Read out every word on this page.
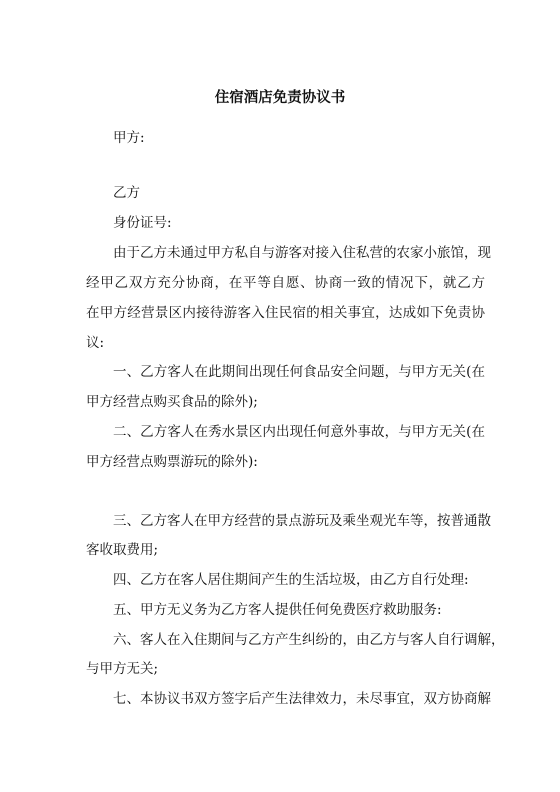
住宿酒店免责协议书
甲方:
乙方
身份证号:
由于乙方未通过甲方私自与游客对接入住私营的农家小旅馆，现
经甲乙双方充分协商，在平等自愿、协商一致的情况下，就乙方
在甲方经营景区内接待游客入住民宿的相关事宜，达成如下免责协
议:
一、乙方客人在此期间出现任何食品安全问题，与甲方无关(在
甲方经营点购买食品的除外);
二、乙方客人在秀水景区内出现任何意外事故，与甲方无关(在
甲方经营点购票游玩的除外):
三、乙方客人在甲方经营的景点游玩及乘坐观光车等，按普通散
客收取费用;
四、乙方在客人居住期间产生的生活垃圾，由乙方自行处理:
五、甲方无义务为乙方客人提供任何免费医疗救助服务:
六、客人在入住期间与乙方产生纠纷的，由乙方与客人自行调解，
与甲方无关;
七、本协议书双方签字后产生法律效力，未尽事宜，双方协商解
